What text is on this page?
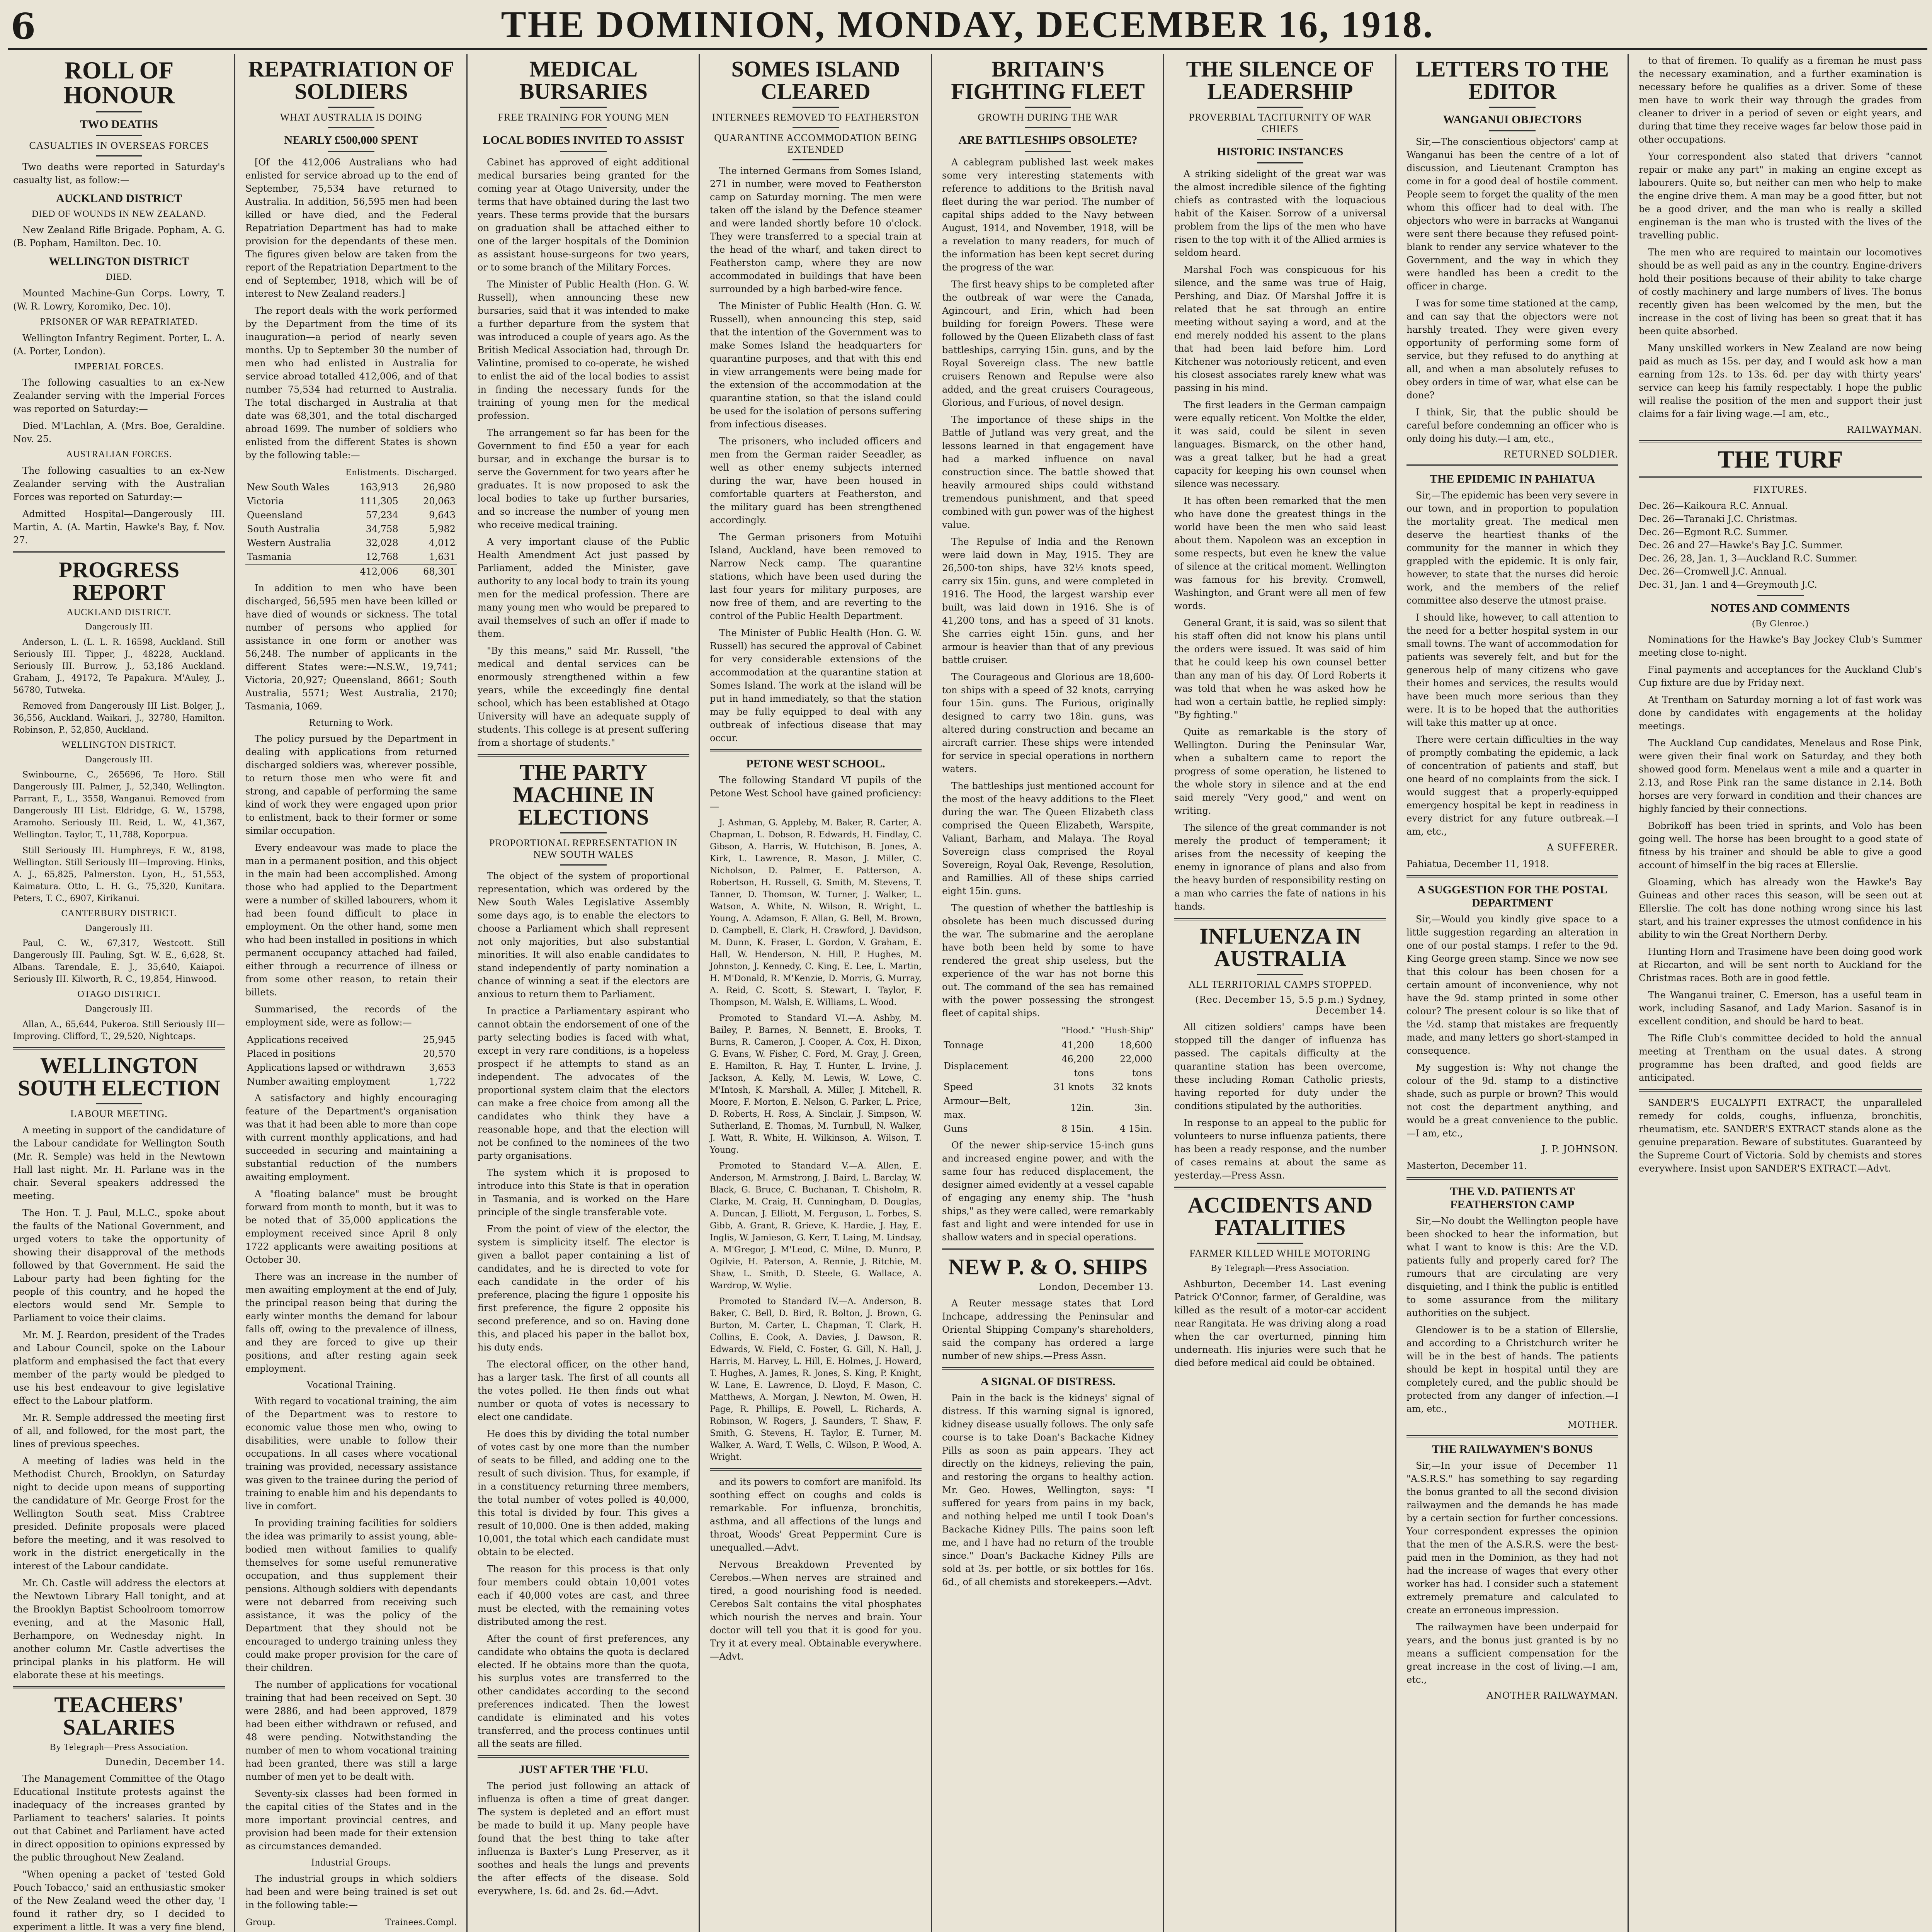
6	THE DOMINION, MONDAY, DECEMBER 16, 1918.
ROLL OF HONOUR
TWO DEATHS
CASUALTIES IN OVERSEAS FORCES

Two deaths were reported in Saturday's casualty list, as follow:—

AUCKLAND DISTRICT
DIED OF WOUNDS IN NEW ZEALAND.

New Zealand Rifle Brigade. Popham, A. G. (B. Popham, Hamilton. Dec. 10.

WELLINGTON DISTRICT
DIED.

Mounted Machine-Gun Corps. Lowry, T. (W. R. Lowry, Koromiko, Dec. 10).

PRISONER OF WAR REPATRIATED.

Wellington Infantry Regiment. Porter, L. A. (A. Porter, London).

IMPERIAL FORCES.

The following casualties to an ex-New Zealander serving with the Imperial Forces was reported on Saturday:—

Died. M'Lachlan, A. (Mrs. Boe, Geraldine. Nov. 25.

AUSTRALIAN FORCES.

The following casualties to an ex-New Zealander serving with the Australian Forces was reported on Saturday:—

Admitted Hospital—Dangerously III. Martin, A. (A. Martin, Hawke's Bay, f. Nov. 27.

PROGRESS REPORT
AUCKLAND DISTRICT.
Dangerously III.

Anderson, L. (L. L. R. 16598, Auckland. Still Seriously III. Tipper, J., 48228, Auckland. Seriously III. Burrow, J., 53,186 Auckland. Graham, J., 49172, Te Papakura. M'Auley, J., 56780, Tutweka.

Removed from Dangerously III List. Bolger, J., 36,556, Auckland. Waikari, J., 32780, Hamilton. Robinson, P., 52,850, Auckland.

WELLINGTON DISTRICT.
Dangerously III.

Swinbourne, C., 265696, Te Horo. Still Dangerously III. Palmer, J., 52,340, Wellington. Parrant, F., L., 3558, Wanganui. Removed from Dangerously III List. Eldridge, G. W., 15798, Aramoho. Seriously III. Reid, L. W., 41,367, Wellington. Taylor, T., 11,788, Koporpua.

Still Seriously III. Humphreys, F. W., 8198, Wellington. Still Seriously III—Improving. Hinks, A. J., 65,825, Palmerston. Lyon, H., 51,553, Kaimatura. Otto, L. H. G., 75,320, Kunitara. Peters, T. C., 6907, Kirikanui.

CANTERBURY DISTRICT.
Dangerously III.

Paul, C. W., 67,317, Westcott. Still Dangerously III. Pauling, Sgt. W. E., 6,628, St. Albans. Tarendale, E. J., 35,640, Kaiapoi. Seriously III. Kilworth, R. C., 19,854, Hinwood.

OTAGO DISTRICT.
Dangerously III.

Allan, A., 65,644, Pukeroa. Still Seriously III—Improving. Clifford, T., 29,520, Nightcaps.

WELLINGTON SOUTH ELECTION
LABOUR MEETING.

A meeting in support of the candidature of the Labour candidate for Wellington South (Mr. R. Semple) was held in the Newtown Hall last night. Mr. H. Parlane was in the chair. Several speakers addressed the meeting.

The Hon. T. J. Paul, M.L.C., spoke about the faults of the National Government, and urged voters to take the opportunity of showing their disapproval of the methods followed by that Government. He said the Labour party had been fighting for the people of this country, and he hoped the electors would send Mr. Semple to Parliament to voice their claims.

Mr. M. J. Reardon, president of the Trades and Labour Council, spoke on the Labour platform and emphasised the fact that every member of the party would be pledged to use his best endeavour to give legislative effect to the Labour platform.

Mr. R. Semple addressed the meeting first of all, and followed, for the most part, the lines of previous speeches.

A meeting of ladies was held in the Methodist Church, Brooklyn, on Saturday night to decide upon means of supporting the candidature of Mr. George Frost for the Wellington South seat. Miss Crabtree presided. Definite proposals were placed before the meeting, and it was resolved to work in the district energetically in the interest of the Labour candidate.

Mr. Ch. Castle will address the electors at the Newtown Library Hall tonight, and at the Brooklyn Baptist Schoolroom tomorrow evening, and at the Masonic Hall, Berhampore, on Wednesday night. In another column Mr. Castle advertises the principal planks in his platform. He will elaborate these at his meetings.

TEACHERS' SALARIES
By Telegraph—Press Association.
Dunedin, December 14.

The Management Committee of the Otago Educational Institute protests against the inadequacy of the increases granted by Parliament to teachers' salaries. It points out that Cabinet and Parliament have acted in direct opposition to opinions expressed by the public throughout New Zealand.

"When opening a packet of 'tested Gold Pouch Tobacco,' said an enthusiastic smoker of the New Zealand weed the other day, 'I found it rather dry, so I decided to experiment a little. It was a very fine blend,

REPATRIATION OF SOLDIERS
WHAT AUSTRALIA IS DOING
NEARLY £500,000 SPENT

[Of the 412,006 Australians who had enlisted for service abroad up to the end of September, 75,534 have returned to Australia. In addition, 56,595 men had been killed or have died, and the Federal Repatriation Department has had to make provision for the dependants of these men. The figures given below are taken from the report of the Repatriation Department to the end of September, 1918, which will be of interest to New Zealand readers.]

The report deals with the work performed by the Department from the time of its inauguration—a period of nearly seven months. Up to September 30 the number of men who had enlisted in Australia for service abroad totalled 412,006, and of that number 75,534 had returned to Australia. The total discharged in Australia at that date was 68,301, and the total discharged abroad 1699. The number of soldiers who enlisted from the different States is shown by the following table:—

	Enlistments.	Discharged.
New South Wales	163,913	26,980
Victoria	111,305	20,063
Queensland	57,234	9,643
South Australia	34,758	5,982
Western Australia	32,028	4,012
Tasmania	12,768	1,631
	412,006	68,301

In addition to men who have been discharged, 56,595 men have been killed or have died of wounds or sickness. The total number of persons who applied for assistance in one form or another was 56,248. The number of applicants in the different States were:—N.S.W., 19,741; Victoria, 20,927; Queensland, 8661; South Australia, 5571; West Australia, 2170; Tasmania, 1069.

Returning to Work.

The policy pursued by the Department in dealing with applications from returned discharged soldiers was, wherever possible, to return those men who were fit and strong, and capable of performing the same kind of work they were engaged upon prior to enlistment, back to their former or some similar occupation.

Every endeavour was made to place the man in a permanent position, and this object in the main had been accomplished. Among those who had applied to the Department were a number of skilled labourers, whom it had been found difficult to place in employment. On the other hand, some men who had been installed in positions in which permanent occupancy attached had failed, either through a recurrence of illness or from some other reason, to retain their billets.

Summarised, the records of the employment side, were as follow:—

Applications received	25,945
Placed in positions	20,570
Applications lapsed or withdrawn	3,653
Number awaiting employment	1,722

A satisfactory and highly encouraging feature of the Department's organisation was that it had been able to more than cope with current monthly applications, and had succeeded in securing and maintaining a substantial reduction of the numbers awaiting employment.

A "floating balance" must be brought forward from month to month, but it was to be noted that of 35,000 applications the employment received since April 8 only 1722 applicants were awaiting positions at October 30.

There was an increase in the number of men awaiting employment at the end of July, the principal reason being that during the early winter months the demand for labour falls off, owing to the prevalence of illness, and they are forced to give up their positions, and after resting again seek employment.

Vocational Training.

With regard to vocational training, the aim of the Department was to restore to economic value those men who, owing to disabilities, were unable to follow their occupations. In all cases where vocational training was provided, necessary assistance was given to the trainee during the period of training to enable him and his dependants to live in comfort.

In providing training facilities for soldiers the idea was primarily to assist young, able-bodied men without families to qualify themselves for some useful remunerative occupation, and thus supplement their pensions. Although soldiers with dependants were not debarred from receiving such assistance, it was the policy of the Department that they should not be encouraged to undergo training unless they could make proper provision for the care of their children.

The number of applications for vocational training that had been received on Sept. 30 were 2886, and had been approved, 1879 had been either withdrawn or refused, and 48 were pending. Notwithstanding the number of men to whom vocational training had been granted, there was still a large number of men yet to be dealt with.

Seventy-six classes had been formed in the capital cities of the States and in the more important provincial centres, and provision had been made for their extension as circumstances demanded.

Industrial Groups.

The industrial groups in which soldiers had been and were being trained is set out in the following table:—

Group.	Trainees.	Compl.

MEDICAL BURSARIES
FREE TRAINING FOR YOUNG MEN
LOCAL BODIES INVITED TO ASSIST

Cabinet has approved of eight additional medical bursaries being granted for the coming year at Otago University, under the terms that have obtained during the last two years. These terms provide that the bursars on graduation shall be attached either to one of the larger hospitals of the Dominion as assistant house-surgeons for two years, or to some branch of the Military Forces.

The Minister of Public Health (Hon. G. W. Russell), when announcing these new bursaries, said that it was intended to make a further departure from the system that was introduced a couple of years ago. As the British Medical Association had, through Dr. Valintine, promised to co-operate, he wished to enlist the aid of the local bodies to assist in finding the necessary funds for the training of young men for the medical profession.

The arrangement so far has been for the Government to find £50 a year for each bursar, and in exchange the bursar is to serve the Government for two years after he graduates. It is now proposed to ask the local bodies to take up further bursaries, and so increase the number of young men who receive medical training.

A very important clause of the Public Health Amendment Act just passed by Parliament, added the Minister, gave authority to any local body to train its young men for the medical profession. There are many young men who would be prepared to avail themselves of such an offer if made to them.

"By this means," said Mr. Russell, "the medical and dental services can be enormously strengthened within a few years, while the exceedingly fine dental school, which has been established at Otago University will have an adequate supply of students. This college is at present suffering from a shortage of students."

THE PARTY MACHINE IN ELECTIONS
PROPORTIONAL REPRESENTATION IN NEW SOUTH WALES

The object of the system of proportional representation, which was ordered by the New South Wales Legislative Assembly some days ago, is to enable the electors to choose a Parliament which shall represent not only majorities, but also substantial minorities. It will also enable candidates to stand independently of party nomination a chance of winning a seat if the electors are anxious to return them to Parliament.

In practice a Parliamentary aspirant who cannot obtain the endorsement of one of the party selecting bodies is faced with what, except in very rare conditions, is a hopeless prospect if he attempts to stand as an independent. The advocates of the proportional system claim that the electors can make a free choice from among all the candidates who think they have a reasonable hope, and that the election will not be confined to the nominees of the two party organisations.

The system which it is proposed to introduce into this State is that in operation in Tasmania, and is worked on the Hare principle of the single transferable vote.

From the point of view of the elector, the system is simplicity itself. The elector is given a ballot paper containing a list of candidates, and he is directed to vote for each candidate in the order of his preference, placing the figure 1 opposite his first preference, the figure 2 opposite his second preference, and so on. Having done this, and placed his paper in the ballot box, his duty ends.

The electoral officer, on the other hand, has a larger task. The first of all counts all the votes polled. He then finds out what number or quota of votes is necessary to elect one candidate.

He does this by dividing the total number of votes cast by one more than the number of seats to be filled, and adding one to the result of such division. Thus, for example, if in a constituency returning three members, the total number of votes polled is 40,000, this total is divided by four. This gives a result of 10,000. One is then added, making 10,001, the total which each candidate must obtain to be elected.

The reason for this process is that only four members could obtain 10,001 votes each if 40,000 votes are cast, and three must be elected, with the remaining votes distributed among the rest.

After the count of first preferences, any candidate who obtains the quota is declared elected. If he obtains more than the quota, his surplus votes are transferred to the other candidates according to the second preferences indicated. Then the lowest candidate is eliminated and his votes transferred, and the process continues until all the seats are filled.

JUST AFTER THE 'FLU.

The period just following an attack of influenza is often a time of great danger. The system is depleted and an effort must be made to build it up. Many people have found that the best thing to take after influenza is Baxter's Lung Preserver, as it soothes and heals the lungs and prevents the after effects of the disease. Sold everywhere, 1s. 6d. and 2s. 6d.—Advt.

SOMES ISLAND CLEARED
INTERNEES REMOVED TO FEATHERSTON
QUARANTINE ACCOMMODATION BEING EXTENDED

The interned Germans from Somes Island, 271 in number, were moved to Featherston camp on Saturday morning. The men were taken off the island by the Defence steamer and were landed shortly before 10 o'clock. They were transferred to a special train at the head of the wharf, and taken direct to Featherston camp, where they are now accommodated in buildings that have been surrounded by a high barbed-wire fence.

The Minister of Public Health (Hon. G. W. Russell), when announcing this step, said that the intention of the Government was to make Somes Island the headquarters for quarantine purposes, and that with this end in view arrangements were being made for the extension of the accommodation at the quarantine station, so that the island could be used for the isolation of persons suffering from infectious diseases.

The prisoners, who included officers and men from the German raider Seeadler, as well as other enemy subjects interned during the war, have been housed in comfortable quarters at Featherston, and the military guard has been strengthened accordingly.

The German prisoners from Motuihi Island, Auckland, have been removed to Narrow Neck camp. The quarantine stations, which have been used during the last four years for military purposes, are now free of them, and are reverting to the control of the Public Health Department.

The Minister of Public Health (Hon. G. W. Russell) has secured the approval of Cabinet for very considerable extensions of the accommodation at the quarantine station at Somes Island. The work at the island will be put in hand immediately, so that the station may be fully equipped to deal with any outbreak of infectious disease that may occur.

PETONE WEST SCHOOL.

The following Standard VI pupils of the Petone West School have gained proficiency:—

J. Ashman, G. Appleby, M. Baker, R. Carter, A. Chapman, L. Dobson, R. Edwards, H. Findlay, C. Gibson, A. Harris, W. Hutchison, B. Jones, A. Kirk, L. Lawrence, R. Mason, J. Miller, C. Nicholson, D. Palmer, E. Patterson, A. Robertson, H. Russell, G. Smith, M. Stevens, T. Tanner, D. Thomson, W. Turner, J. Walker, L. Watson, A. White, N. Wilson, R. Wright, L. Young, A. Adamson, F. Allan, G. Bell, M. Brown, D. Campbell, E. Clark, H. Crawford, J. Davidson, M. Dunn, K. Fraser, L. Gordon, V. Graham, E. Hall, W. Henderson, N. Hill, P. Hughes, M. Johnston, J. Kennedy, C. King, E. Lee, L. Martin, H. M'Donald, R. M'Kenzie, D. Morris, G. Murray, A. Reid, C. Scott, S. Stewart, I. Taylor, F. Thompson, M. Walsh, E. Williams, L. Wood.

Promoted to Standard VI.—A. Ashby, M. Bailey, P. Barnes, N. Bennett, E. Brooks, T. Burns, R. Cameron, J. Cooper, A. Cox, H. Dixon, G. Evans, W. Fisher, C. Ford, M. Gray, J. Green, E. Hamilton, R. Hay, T. Hunter, L. Irvine, J. Jackson, A. Kelly, M. Lewis, W. Lowe, C. M'Intosh, K. Marshall, A. Miller, J. Mitchell, R. Moore, F. Morton, E. Nelson, G. Parker, L. Price, D. Roberts, H. Ross, A. Sinclair, J. Simpson, W. Sutherland, E. Thomas, M. Turnbull, N. Walker, J. Watt, R. White, H. Wilkinson, A. Wilson, T. Young.

Promoted to Standard V.—A. Allen, E. Anderson, M. Armstrong, J. Baird, L. Barclay, W. Black, G. Bruce, C. Buchanan, T. Chisholm, R. Clarke, M. Craig, H. Cunningham, D. Douglas, A. Duncan, J. Elliott, M. Ferguson, L. Forbes, S. Gibb, A. Grant, R. Grieve, K. Hardie, J. Hay, E. Inglis, W. Jamieson, G. Kerr, T. Laing, M. Lindsay, A. M'Gregor, J. M'Leod, C. Milne, D. Munro, P. Ogilvie, H. Paterson, A. Rennie, J. Ritchie, M. Shaw, L. Smith, D. Steele, G. Wallace, A. Wardrop, W. Wylie.

Promoted to Standard IV.—A. Anderson, B. Baker, C. Bell, D. Bird, R. Bolton, J. Brown, G. Burton, M. Carter, L. Chapman, T. Clark, H. Collins, E. Cook, A. Davies, J. Dawson, R. Edwards, W. Field, C. Foster, G. Gill, N. Hall, J. Harris, M. Harvey, L. Hill, E. Holmes, J. Howard, T. Hughes, A. James, R. Jones, S. King, P. Knight, W. Lane, E. Lawrence, D. Lloyd, F. Mason, C. Matthews, A. Morgan, J. Newton, M. Owen, H. Page, R. Phillips, E. Powell, L. Richards, A. Robinson, W. Rogers, J. Saunders, T. Shaw, F. Smith, G. Stevens, H. Taylor, E. Turner, M. Walker, A. Ward, T. Wells, C. Wilson, P. Wood, A. Wright.

and its powers to comfort are manifold. Its soothing effect on coughs and colds is remarkable. For influenza, bronchitis, asthma, and all affections of the lungs and throat, Woods' Great Peppermint Cure is unequalled.—Advt.

Nervous Breakdown Prevented by Cerebos.—When nerves are strained and tired, a good nourishing food is needed. Cerebos Salt contains the vital phosphates which nourish the nerves and brain. Your doctor will tell you that it is good for you. Try it at every meal. Obtainable everywhere.—Advt.

BRITAIN'S FIGHTING FLEET
GROWTH DURING THE WAR
ARE BATTLESHIPS OBSOLETE?

A cablegram published last week makes some very interesting statements with reference to additions to the British naval fleet during the war period. The number of capital ships added to the Navy between August, 1914, and November, 1918, will be a revelation to many readers, for much of the information has been kept secret during the progress of the war.

The first heavy ships to be completed after the outbreak of war were the Canada, Agincourt, and Erin, which had been building for foreign Powers. These were followed by the Queen Elizabeth class of fast battleships, carrying 15in. guns, and by the Royal Sovereign class. The new battle cruisers Renown and Repulse were also added, and the great cruisers Courageous, Glorious, and Furious, of novel design.

The importance of these ships in the Battle of Jutland was very great, and the lessons learned in that engagement have had a marked influence on naval construction since. The battle showed that heavily armoured ships could withstand tremendous punishment, and that speed combined with gun power was of the highest value.

The Repulse of India and the Renown were laid down in May, 1915. They are 26,500-ton ships, have 32½ knots speed, carry six 15in. guns, and were completed in 1916. The Hood, the largest warship ever built, was laid down in 1916. She is of 41,200 tons, and has a speed of 31 knots. She carries eight 15in. guns, and her armour is heavier than that of any previous battle cruiser.

The Courageous and Glorious are 18,600-ton ships with a speed of 32 knots, carrying four 15in. guns. The Furious, originally designed to carry two 18in. guns, was altered during construction and became an aircraft carrier. These ships were intended for service in special operations in northern waters.

The battleships just mentioned account for the most of the heavy additions to the Fleet during the war. The Queen Elizabeth class comprised the Queen Elizabeth, Warspite, Valiant, Barham, and Malaya. The Royal Sovereign class comprised the Royal Sovereign, Royal Oak, Revenge, Resolution, and Ramillies. All of these ships carried eight 15in. guns.

The question of whether the battleship is obsolete has been much discussed during the war. The submarine and the aeroplane have both been held by some to have rendered the great ship useless, but the experience of the war has not borne this out. The command of the sea has remained with the power possessing the strongest fleet of capital ships.

	"Hood."	"Hush-Ship"
Tonnage	41,200	18,600
Displacement	46,200 tons	22,000 tons
Speed	31 knots	32 knots
Armour—Belt, max.	12in.	3in.
Guns	8 15in.	4 15in.

Of the newer ship-service 15-inch guns and increased engine power, and with the same four has reduced displacement, the designer aimed evidently at a vessel capable of engaging any enemy ship. The "hush ships," as they were called, were remarkably fast and light and were intended for use in shallow waters and in special operations.

NEW P. & O. SHIPS
London, December 13.

A Reuter message states that Lord Inchcape, addressing the Peninsular and Oriental Shipping Company's shareholders, said the company has ordered a large number of new ships.—Press Assn.

A SIGNAL OF DISTRESS.

Pain in the back is the kidneys' signal of distress. If this warning signal is ignored, kidney disease usually follows. The only safe course is to take Doan's Backache Kidney Pills as soon as pain appears. They act directly on the kidneys, relieving the pain, and restoring the organs to healthy action. Mr. Geo. Howes, Wellington, says: "I suffered for years from pains in my back, and nothing helped me until I took Doan's Backache Kidney Pills. The pains soon left me, and I have had no return of the trouble since." Doan's Backache Kidney Pills are sold at 3s. per bottle, or six bottles for 16s. 6d., of all chemists and storekeepers.—Advt.

THE SILENCE OF LEADERSHIP
PROVERBIAL TACITURNITY OF WAR CHIEFS
HISTORIC INSTANCES

A striking sidelight of the great war was the almost incredible silence of the fighting chiefs as contrasted with the loquacious habit of the Kaiser. Sorrow of a universal problem from the lips of the men who have risen to the top with it of the Allied armies is seldom heard.

Marshal Foch was conspicuous for his silence, and the same was true of Haig, Pershing, and Diaz. Of Marshal Joffre it is related that he sat through an entire meeting without saying a word, and at the end merely nodded his assent to the plans that had been laid before him. Lord Kitchener was notoriously reticent, and even his closest associates rarely knew what was passing in his mind.

The first leaders in the German campaign were equally reticent. Von Moltke the elder, it was said, could be silent in seven languages. Bismarck, on the other hand, was a great talker, but he had a great capacity for keeping his own counsel when silence was necessary.

It has often been remarked that the men who have done the greatest things in the world have been the men who said least about them. Napoleon was an exception in some respects, but even he knew the value of silence at the critical moment. Wellington was famous for his brevity. Cromwell, Washington, and Grant were all men of few words.

General Grant, it is said, was so silent that his staff often did not know his plans until the orders were issued. It was said of him that he could keep his own counsel better than any man of his day. Of Lord Roberts it was told that when he was asked how he had won a certain battle, he replied simply: "By fighting."

Quite as remarkable is the story of Wellington. During the Peninsular War, when a subaltern came to report the progress of some operation, he listened to the whole story in silence and at the end said merely "Very good," and went on writing.

The silence of the great commander is not merely the product of temperament; it arises from the necessity of keeping the enemy in ignorance of plans and also from the heavy burden of responsibility resting on a man who carries the fate of nations in his hands.

INFLUENZA IN AUSTRALIA
ALL TERRITORIAL CAMPS STOPPED.
(Rec. December 15, 5.5 p.m.) Sydney, December 14.

All citizen soldiers' camps have been stopped till the danger of influenza has passed. The capitals difficulty at the quarantine station has been overcome, these including Roman Catholic priests, having reported for duty under the conditions stipulated by the authorities.

In response to an appeal to the public for volunteers to nurse influenza patients, there has been a ready response, and the number of cases remains at about the same as yesterday.—Press Assn.

ACCIDENTS AND FATALITIES
FARMER KILLED WHILE MOTORING
By Telegraph—Press Association.

Ashburton, December 14. Last evening Patrick O'Connor, farmer, of Geraldine, was killed as the result of a motor-car accident near Rangitata. He was driving along a road when the car overturned, pinning him underneath. His injuries were such that he died before medical aid could be obtained.

LETTERS TO THE EDITOR
WANGANUI OBJECTORS

Sir,—The conscientious objectors' camp at Wanganui has been the centre of a lot of discussion, and Lieutenant Crampton has come in for a good deal of hostile comment. People seem to forget the quality of the men whom this officer had to deal with. The objectors who were in barracks at Wanganui were sent there because they refused point-blank to render any service whatever to the Government, and the way in which they were handled has been a credit to the officer in charge.

I was for some time stationed at the camp, and can say that the objectors were not harshly treated. They were given every opportunity of performing some form of service, but they refused to do anything at all, and when a man absolutely refuses to obey orders in time of war, what else can be done?

I think, Sir, that the public should be careful before condemning an officer who is only doing his duty.—I am, etc.,

RETURNED SOLDIER.
THE EPIDEMIC IN PAHIATUA

Sir,—The epidemic has been very severe in our town, and in proportion to population the mortality great. The medical men deserve the heartiest thanks of the community for the manner in which they grappled with the epidemic. It is only fair, however, to state that the nurses did heroic work, and the members of the relief committee also deserve the utmost praise.

I should like, however, to call attention to the need for a better hospital system in our small towns. The want of accommodation for patients was severely felt, and but for the generous help of many citizens who gave their homes and services, the results would have been much more serious than they were. It is to be hoped that the authorities will take this matter up at once.

There were certain difficulties in the way of promptly combating the epidemic, a lack of concentration of patients and staff, but one heard of no complaints from the sick. I would suggest that a properly-equipped emergency hospital be kept in readiness in every district for any future outbreak.—I am, etc.,

A SUFFERER.
Pahiatua, December 11, 1918.
A SUGGESTION FOR THE POSTAL DEPARTMENT

Sir,—Would you kindly give space to a little suggestion regarding an alteration in one of our postal stamps. I refer to the 9d. King George green stamp. Since we now see that this colour has been chosen for a certain amount of inconvenience, why not have the 9d. stamp printed in some other colour? The present colour is so like that of the ½d. stamp that mistakes are frequently made, and many letters go short-stamped in consequence.

My suggestion is: Why not change the colour of the 9d. stamp to a distinctive shade, such as purple or brown? This would not cost the department anything, and would be a great convenience to the public.—I am, etc.,

J. P. JOHNSON.
Masterton, December 11.
THE V.D. PATIENTS AT FEATHERSTON CAMP

Sir,—No doubt the Wellington people have been shocked to hear the information, but what I want to know is this: Are the V.D. patients fully and properly cared for? The rumours that are circulating are very disquieting, and I think the public is entitled to some assurance from the military authorities on the subject.

Glendower is to be a station of Ellerslie, and according to a Christchurch writer he will be in the best of hands. The patients should be kept in hospital until they are completely cured, and the public should be protected from any danger of infection.—I am, etc.,

MOTHER.
THE RAILWAYMEN'S BONUS

Sir,—In your issue of December 11 "A.S.R.S." has something to say regarding the bonus granted to all the second division railwaymen and the demands he has made by a certain section for further concessions. Your correspondent expresses the opinion that the men of the A.S.R.S. were the best-paid men in the Dominion, as they had not had the increase of wages that every other worker has had. I consider such a statement extremely premature and calculated to create an erroneous impression.

The railwaymen have been underpaid for years, and the bonus just granted is by no means a sufficient compensation for the great increase in the cost of living.—I am, etc.,

ANOTHER RAILWAYMAN.

to that of firemen. To qualify as a fireman he must pass the necessary examination, and a further examination is necessary before he qualifies as a driver. Some of these men have to work their way through the grades from cleaner to driver in a period of seven or eight years, and during that time they receive wages far below those paid in other occupations.

Your correspondent also stated that drivers "cannot repair or make any part" in making an engine except as labourers. Quite so, but neither can men who help to make the engine drive them. A man may be a good fitter, but not be a good driver, and the man who is really a skilled engineman is the man who is trusted with the lives of the travelling public.

The men who are required to maintain our locomotives should be as well paid as any in the country. Engine-drivers hold their positions because of their ability to take charge of costly machinery and large numbers of lives. The bonus recently given has been welcomed by the men, but the increase in the cost of living has been so great that it has been quite absorbed.

Many unskilled workers in New Zealand are now being paid as much as 15s. per day, and I would ask how a man earning from 12s. to 13s. 6d. per day with thirty years' service can keep his family respectably. I hope the public will realise the position of the men and support their just claims for a fair living wage.—I am, etc.,

RAILWAYMAN.
THE TURF
FIXTURES.
Dec. 26—Kaikoura R.C. Annual.
Dec. 26—Taranaki J.C. Christmas.
Dec. 26—Egmont R.C. Summer.
Dec. 26 and 27—Hawke's Bay J.C. Summer.
Dec. 26, 28, Jan. 1, 3—Auckland R.C. Summer.
Dec. 26—Cromwell J.C. Annual.
Dec. 31, Jan. 1 and 4—Greymouth J.C.
NOTES AND COMMENTS
(By Glenroe.)

Nominations for the Hawke's Bay Jockey Club's Summer meeting close to-night.

Final payments and acceptances for the Auckland Club's Cup fixture are due by Friday next.

At Trentham on Saturday morning a lot of fast work was done by candidates with engagements at the holiday meetings.

The Auckland Cup candidates, Menelaus and Rose Pink, were given their final work on Saturday, and they both showed good form. Menelaus went a mile and a quarter in 2.13, and Rose Pink ran the same distance in 2.14. Both horses are very forward in condition and their chances are highly fancied by their connections.

Bobrikoff has been tried in sprints, and Volo has been going well. The horse has been brought to a good state of fitness by his trainer and should be able to give a good account of himself in the big races at Ellerslie.

Gloaming, which has already won the Hawke's Bay Guineas and other races this season, will be seen out at Ellerslie. The colt has done nothing wrong since his last start, and his trainer expresses the utmost confidence in his ability to win the Great Northern Derby.

Hunting Horn and Trasimene have been doing good work at Riccarton, and will be sent north to Auckland for the Christmas races. Both are in good fettle.

The Wanganui trainer, C. Emerson, has a useful team in work, including Sasanof, and Lady Marion. Sasanof is in excellent condition, and should be hard to beat.

The Rifle Club's committee decided to hold the annual meeting at Trentham on the usual dates. A strong programme has been drafted, and good fields are anticipated.

SANDER'S EUCALYPTI EXTRACT, the unparalleled remedy for colds, coughs, influenza, bronchitis, rheumatism, etc. SANDER'S EXTRACT stands alone as the genuine preparation. Beware of substitutes. Guaranteed by the Supreme Court of Victoria. Sold by chemists and stores everywhere. Insist upon SANDER'S EXTRACT.—Advt.
